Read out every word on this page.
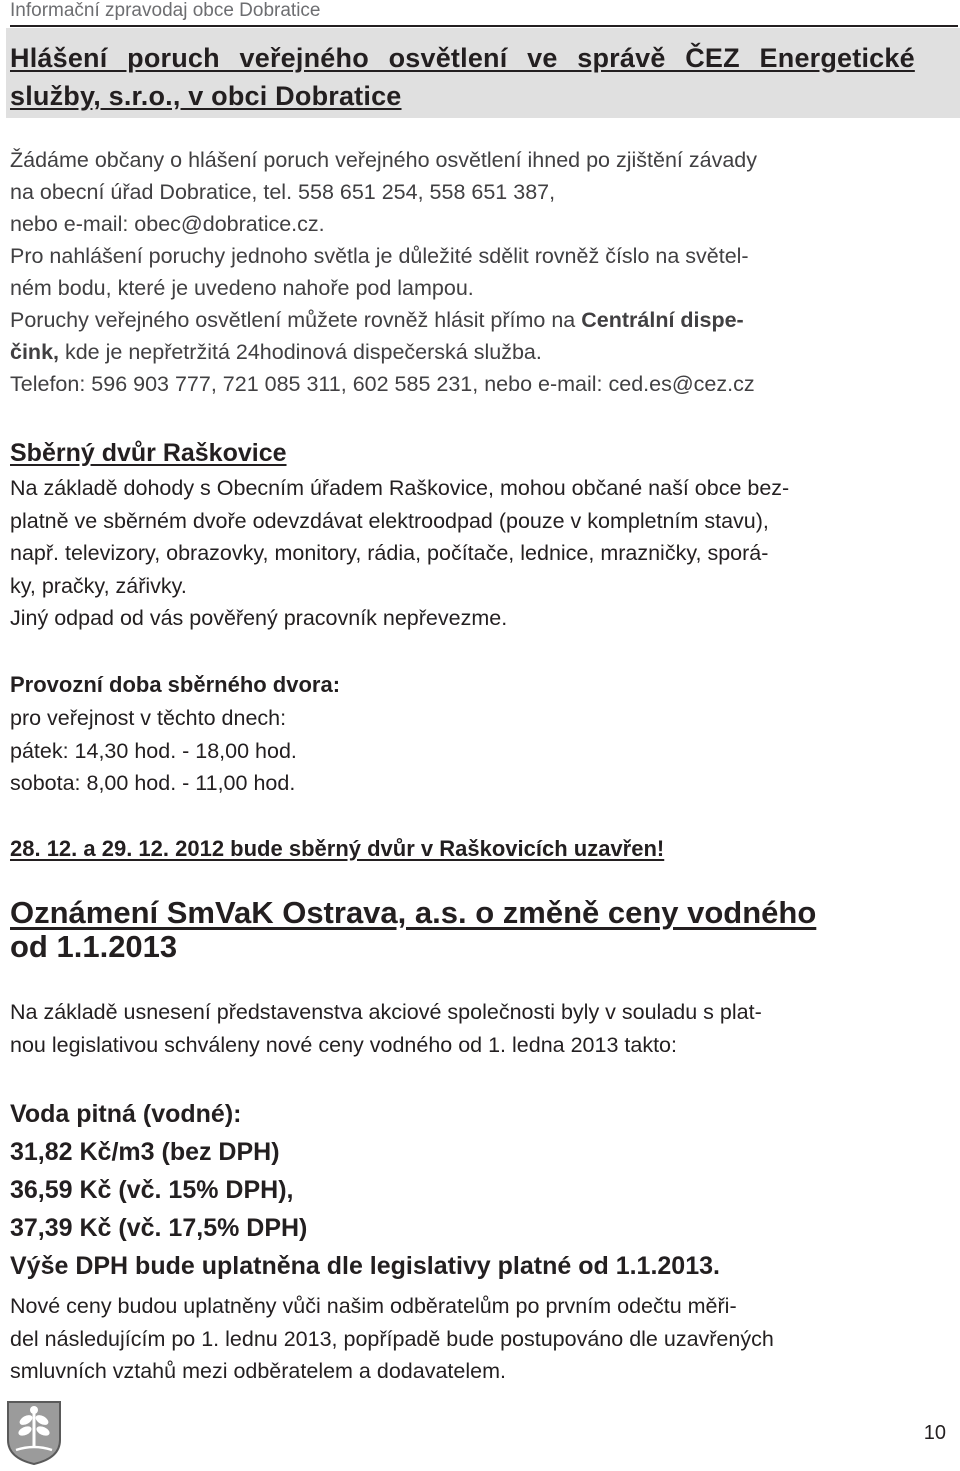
Informační zpravodaj obce Dobratice
Hlášení poruch veřejného osvětlení ve správě ČEZ Energetické
služby, s.r.o., v obci Dobratice
Žádáme občany o hlášení poruch veřejného osvětlení ihned po zjištění závady
na obecní úřad Dobratice, tel. 558 651 254, 558 651 387,
nebo e-mail: obec@dobratice.cz.
Pro nahlášení poruchy jednoho světla je důležité sdělit rovněž číslo na světel-
ném bodu, které je uvedeno nahoře pod lampou.
Poruchy veřejného osvětlení můžete rovněž hlásit přímo na Centrální dispe-
čink, kde je nepřetržitá 24hodinová dispečerská služba.
Telefon: 596 903 777, 721 085 311, 602 585 231, nebo e-mail: ced.es@cez.cz
Sběrný dvůr Raškovice
Na základě dohody s Obecním úřadem Raškovice, mohou občané naší obce bez-
platně ve sběrném dvoře odevzdávat elektroodpad (pouze v kompletním stavu),
např. televizory, obrazovky, monitory, rádia, počítače, lednice, mrazničky, sporá-
ky, pračky, zářivky.
Jiný odpad od vás pověřený pracovník nepřevezme.
Provozní doba sběrného dvora:
pro veřejnost v těchto dnech:
pátek: 14,30 hod. - 18,00 hod.
sobota: 8,00 hod. - 11,00 hod.
28. 12. a 29. 12. 2012 bude sběrný dvůr v Raškovicích uzavřen!
Oznámení SmVaK Ostrava, a.s. o změně ceny vodného
od 1.1.2013
Na základě usnesení představenstva akciové společnosti byly v souladu s plat-
nou legislativou schváleny nové ceny vodného od 1. ledna 2013 takto:
Voda pitná (vodné):
31,82 Kč/m3 (bez DPH)
36,59 Kč (vč. 15% DPH),
37,39 Kč (vč. 17,5% DPH)
Výše DPH bude uplatněna dle legislativy platné od 1.1.2013.
Nové ceny budou uplatněny vůči našim odběratelům po prvním odečtu měři-
del následujícím po 1. lednu 2013, popřípadě bude postupováno dle uzavřených
smluvních vztahů mezi odběratelem a dodavatelem.
10
